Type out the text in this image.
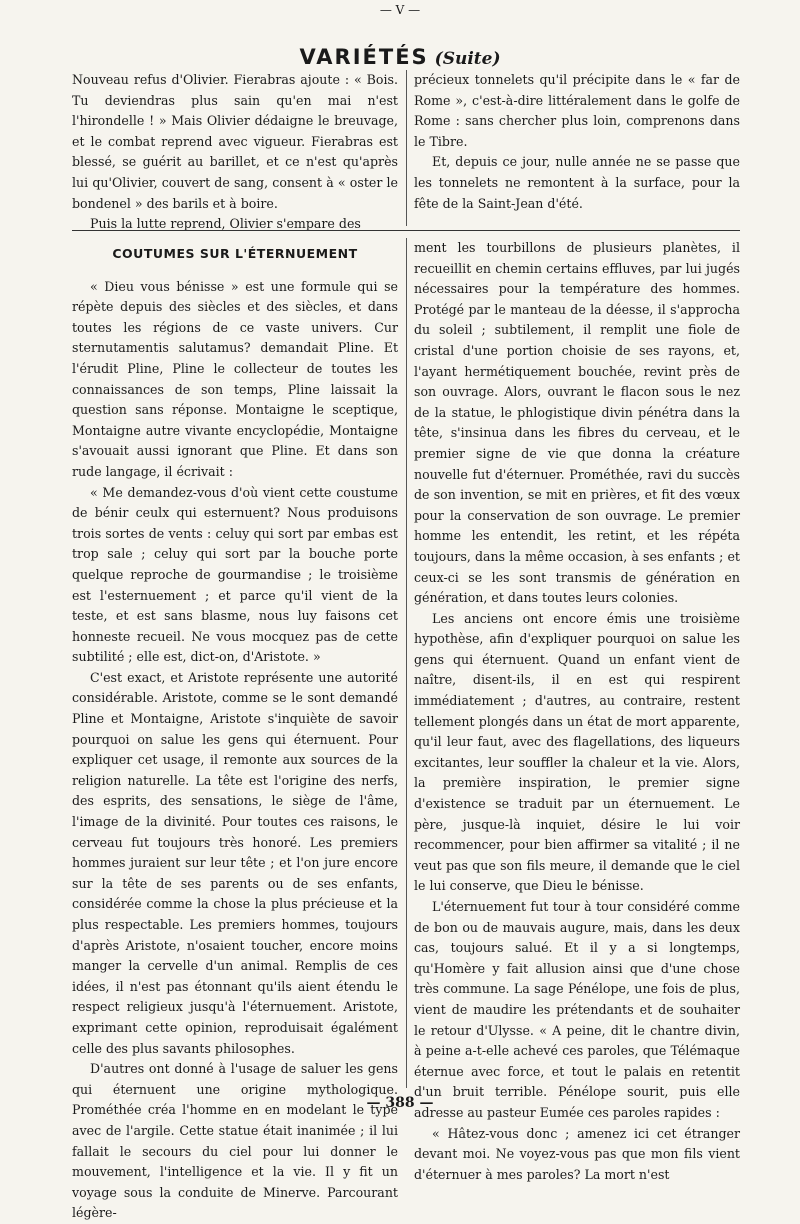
— V —
VARIÉTÉS (Suite)

Nouveau refus d'Olivier. Fierabras ajoute : « Bois. Tu deviendras plus sain qu'en mai n'est l'hirondelle ! » Mais Olivier dédaigne le breuvage, et le combat reprend avec vigueur. Fierabras est blessé, se guérit au barillet, et ce n'est qu'après lui qu'Olivier, couvert de sang, consent à « oster le bondenel » des barils et à boire.

Puis la lutte reprend, Olivier s'empare des

précieux tonnelets qu'il précipite dans le « far de Rome », c'est-à-dire littéralement dans le golfe de Rome : sans chercher plus loin, comprenons dans le Tibre.

Et, depuis ce jour, nulle année ne se passe que les tonnelets ne remontent à la surface, pour la fête de la Saint-Jean d'été.

COUTUMES SUR L'ÉTERNUEMENT

« Dieu vous bénisse » est une formule qui se répète depuis des siècles et des siècles, et dans toutes les régions de ce vaste univers. Cur sternutamentis salutamus? demandait Pline. Et l'érudit Pline, Pline le collecteur de toutes les connaissances de son temps, Pline laissait la question sans réponse. Montaigne le sceptique, Montaigne autre vivante encyclopédie, Montaigne s'avouait aussi ignorant que Pline. Et dans son rude langage, il écrivait :

« Me demandez-vous d'où vient cette coustume de bénir ceulx qui esternuent? Nous produisons trois sortes de vents : celuy qui sort par embas est trop sale ; celuy qui sort par la bouche porte quelque reproche de gourmandise ; le troisième est l'esternuement ; et parce qu'il vient de la teste, et est sans blasme, nous luy faisons cet honneste recueil. Ne vous mocquez pas de cette subtilité ; elle est, dict-on, d'Aristote. »

C'est exact, et Aristote représente une autorité considérable. Aristote, comme se le sont demandé Pline et Montaigne, Aristote s'inquiète de savoir pourquoi on salue les gens qui éternuent. Pour expliquer cet usage, il remonte aux sources de la religion naturelle. La tête est l'origine des nerfs, des esprits, des sensations, le siège de l'âme, l'image de la divinité. Pour toutes ces raisons, le cerveau fut toujours très honoré. Les premiers hommes juraient sur leur tête ; et l'on jure encore sur la tête de ses parents ou de ses enfants, considérée comme la chose la plus précieuse et la plus respectable. Les premiers hommes, toujours d'après Aristote, n'osaient toucher, encore moins manger la cervelle d'un animal. Remplis de ces idées, il n'est pas étonnant qu'ils aient étendu le respect religieux jusqu'à l'éternuement. Aristote, exprimant cette opinion, reproduisait égalément celle des plus savants philosophes.

D'autres ont donné à l'usage de saluer les gens qui éternuent une origine mythologique. Prométhée créa l'homme en en modelant le type avec de l'argile. Cette statue était inanimée ; il lui fallait le secours du ciel pour lui donner le mouvement, l'intelligence et la vie. Il y fit un voyage sous la conduite de Minerve. Parcourant légère-

ment les tourbillons de plusieurs planètes, il recueillit en chemin certains effluves, par lui jugés nécessaires pour la température des hommes. Protégé par le manteau de la déesse, il s'approcha du soleil ; subtilement, il remplit une fiole de cristal d'une portion choisie de ses rayons, et, l'ayant hermétiquement bouchée, revint près de son ouvrage. Alors, ouvrant le flacon sous le nez de la statue, le phlogistique divin pénétra dans la tête, s'insinua dans les fibres du cerveau, et le premier signe de vie que donna la créature nouvelle fut d'éternuer. Prométhée, ravi du succès de son invention, se mit en prières, et fit des vœux pour la conservation de son ouvrage. Le premier homme les entendit, les retint, et les répéta toujours, dans la même occasion, à ses enfants ; et ceux-ci se les sont transmis de génération en génération, et dans toutes leurs colonies.

Les anciens ont encore émis une troisième hypothèse, afin d'expliquer pourquoi on salue les gens qui éternuent. Quand un enfant vient de naître, disent-ils, il en est qui respirent immédiatement ; d'autres, au contraire, restent tellement plongés dans un état de mort apparente, qu'il leur faut, avec des flagellations, des liqueurs excitantes, leur souffler la chaleur et la vie. Alors, la première inspiration, le premier signe d'existence se traduit par un éternuement. Le père, jusque-là inquiet, désire le lui voir recommencer, pour bien affirmer sa vitalité ; il ne veut pas que son fils meure, il demande que le ciel le lui conserve, que Dieu le bénisse.

L'éternuement fut tour à tour considéré comme de bon ou de mauvais augure, mais, dans les deux cas, toujours salué. Et il y a si longtemps, qu'Homère y fait allusion ainsi que d'une chose très commune. La sage Pénélope, une fois de plus, vient de maudire les prétendants et de souhaiter le retour d'Ulysse. « A peine, dit le chantre divin, à peine a-t-elle achevé ces paroles, que Télémaque éternue avec force, et tout le palais en retentit d'un bruit terrible. Pénélope sourit, puis elle adresse au pasteur Eumée ces paroles rapides :

« Hâtez-vous donc ; amenez ici cet étranger devant moi. Ne voyez-vous pas que mon fils vient d'éternuer à mes paroles? La mort n'est

— 388 —
